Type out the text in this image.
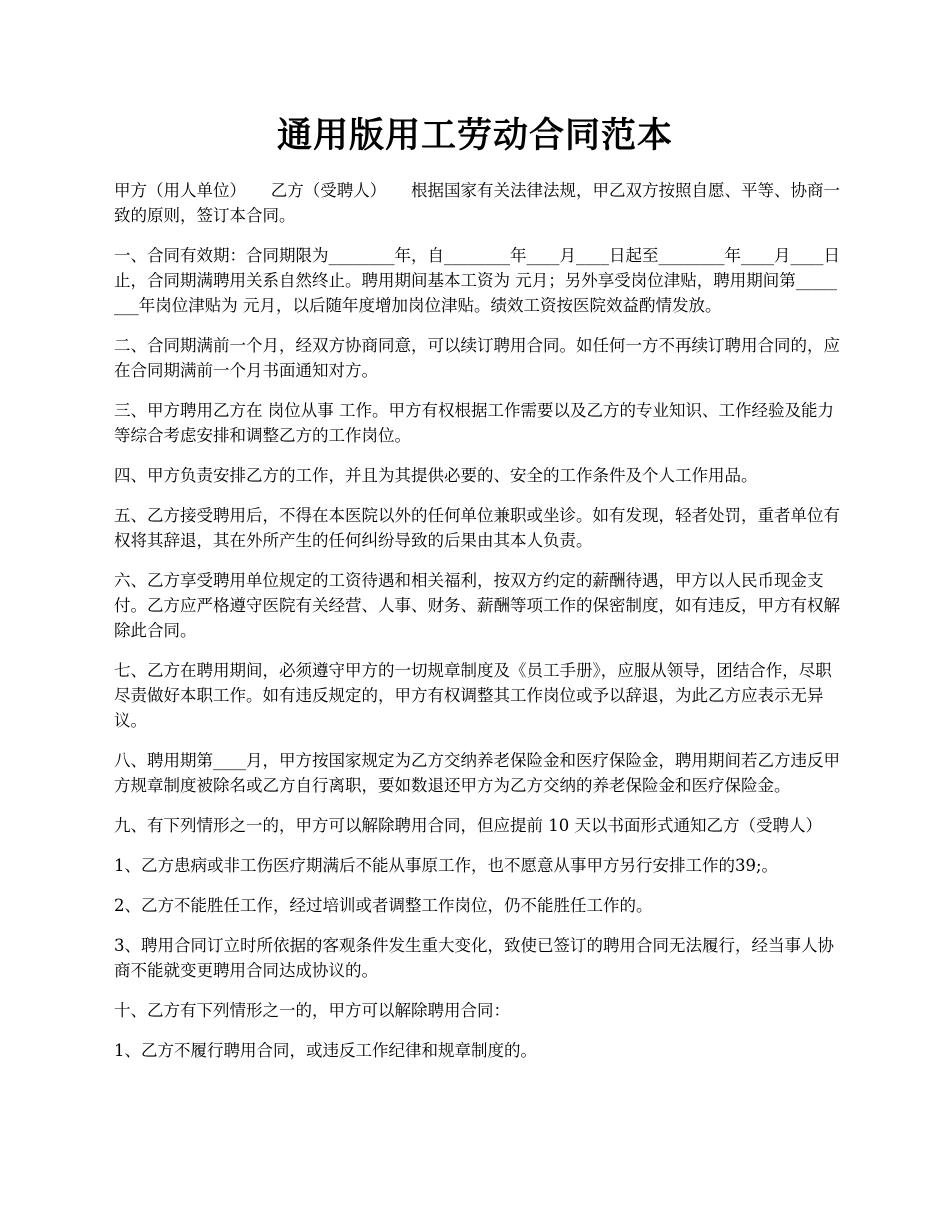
通用版用工劳动合同范本

甲方（用人单位）　　乙方（受聘人）　　根据国家有关法律法规，甲乙双方按照自愿、平等、协商一致的原则，签订本合同。

一、合同有效期：合同期限为________年，自________年____月____日起至________年____月____日止，合同期满聘用关系自然终止。聘用期间基本工资为 元月；另外享受岗位津贴，聘用期间第________年岗位津贴为 元月，以后随年度增加岗位津贴。绩效工资按医院效益酌情发放。

二、合同期满前一个月，经双方协商同意，可以续订聘用合同。如任何一方不再续订聘用合同的，应在合同期满前一个月书面通知对方。

三、甲方聘用乙方在 岗位从事 工作。甲方有权根据工作需要以及乙方的专业知识、工作经验及能力等综合考虑安排和调整乙方的工作岗位。

四、甲方负责安排乙方的工作，并且为其提供必要的、安全的工作条件及个人工作用品。

五、乙方接受聘用后，不得在本医院以外的任何单位兼职或坐诊。如有发现，轻者处罚，重者单位有权将其辞退，其在外所产生的任何纠纷导致的后果由其本人负责。

六、乙方享受聘用单位规定的工资待遇和相关福利，按双方约定的薪酬待遇，甲方以人民币现金支付。乙方应严格遵守医院有关经营、人事、财务、薪酬等项工作的保密制度，如有违反，甲方有权解除此合同。

七、乙方在聘用期间，必须遵守甲方的一切规章制度及《员工手册》，应服从领导，团结合作，尽职尽责做好本职工作。如有违反规定的，甲方有权调整其工作岗位或予以辞退，为此乙方应表示无异议。

八、聘用期第____月，甲方按国家规定为乙方交纳养老保险金和医疗保险金，聘用期间若乙方违反甲方规章制度被除名或乙方自行离职，要如数退还甲方为乙方交纳的养老保险金和医疗保险金。

九、有下列情形之一的，甲方可以解除聘用合同，但应提前 10 天以书面形式通知乙方（受聘人）

1、乙方患病或非工伤医疗期满后不能从事原工作，也不愿意从事甲方另行安排工作的39;。

2、乙方不能胜任工作，经过培训或者调整工作岗位，仍不能胜任工作的。

3、聘用合同订立时所依据的客观条件发生重大变化，致使已签订的聘用合同无法履行，经当事人协商不能就变更聘用合同达成协议的。

十、乙方有下列情形之一的，甲方可以解除聘用合同：

1、乙方不履行聘用合同，或违反工作纪律和规章制度的。
